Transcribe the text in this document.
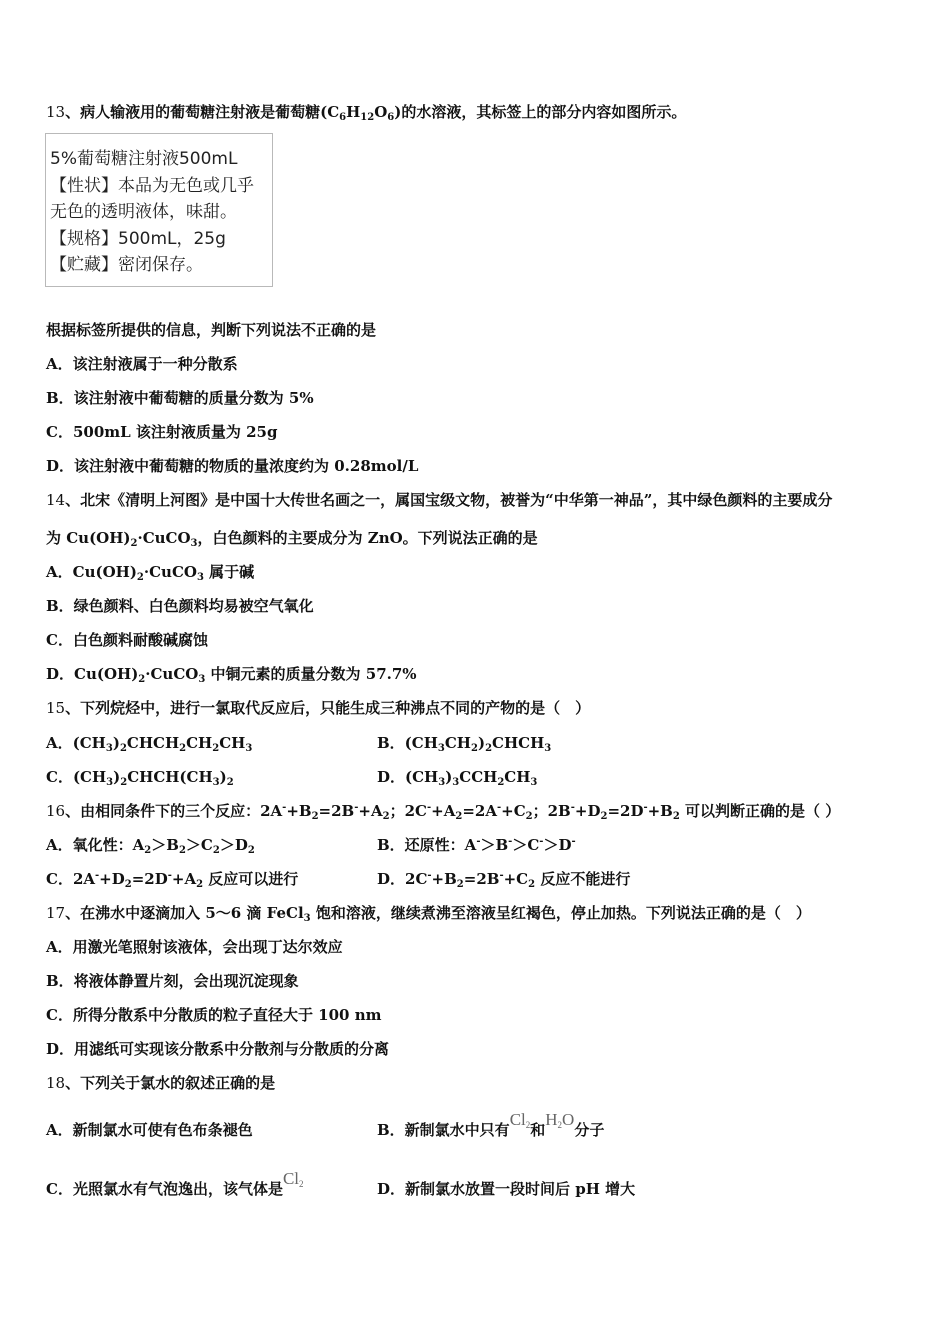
13、病人输液用的葡萄糖注射液是葡萄糖$(C_6H_{12}O_6)$的水溶液，其标签上的部分内容如图所示。
5%葡萄糖注射液500mL
【性状】本品为无色或几乎
无色的透明液体，味甜。
【规格】500mL，25g
【贮藏】密闭保存。
根据标签所提供的信息，判断下列说法不正确的是
A．该注射液属于一种分散系
B．该注射液中葡萄糖的质量分数为 5%
C．500mL 该注射液质量为 25g
D．该注射液中葡萄糖的物质的量浓度约为 0.28mol/L
14、北宋《清明上河图》是中国十大传世名画之一，属国宝级文物，被誉为“中华第一神品”，其中绿色颜料的主要成分
为 $Cu(OH)_2\cdot CuCO_3$，白色颜料的主要成分为 ZnO。下列说法正确的是
A．$Cu(OH)_2\cdot CuCO_3$ 属于碱
B．绿色颜料、白色颜料均易被空气氧化
C．白色颜料耐酸碱腐蚀
D．$Cu(OH)_2\cdot CuCO_3$ 中铜元素的质量分数为 57.7%
15、下列烷烃中，进行一氯取代反应后，只能生成三种沸点不同的产物的是（　）
A．$(CH_3)_2CHCH_2CH_2CH_3$	B．$(CH_3CH_2)_2CHCH_3$
C．$(CH_3)_2CHCH(CH_3)_2$	D．$(CH_3)_3CCH_2CH_3$
16、由相同条件下的三个反应：$2A^-+B_2=2B^-+A_2$；$2C^-+A_2=2A^-+C_2$；$2B^-+D_2=2D^-+B_2$ 可以判断正确的是（ ）
A．氧化性：$A_2>B_2>C_2>D_2$	B．还原性：A-＞B-＞C-＞D-
C．$2A^-+D_2=2D^-+A_2$ 反应可以进行	D．$2C^-+B_2=2B^-+C_2$ 反应不能进行
17、在沸水中逐滴加入 5～6 滴 FeCl$_3$ 饱和溶液，继续煮沸至溶液呈红褐色，停止加热。下列说法正确的是（　）
A．用激光笔照射该液体，会出现丁达尔效应
B．将液体静置片刻，会出现沉淀现象
C．所得分散系中分散质的粒子直径大于 100 nm
D．用滤纸可实现该分散系中分散剂与分散质的分离
18、下列关于氯水的叙述正确的是
A．新制氯水可使有色布条褪色	B．新制氯水中只有$Cl_2$和$H_2O$分子
C．光照氯水有气泡逸出，该气体是$Cl_2$	D．新制氯水放置一段时间后 pH 增大
